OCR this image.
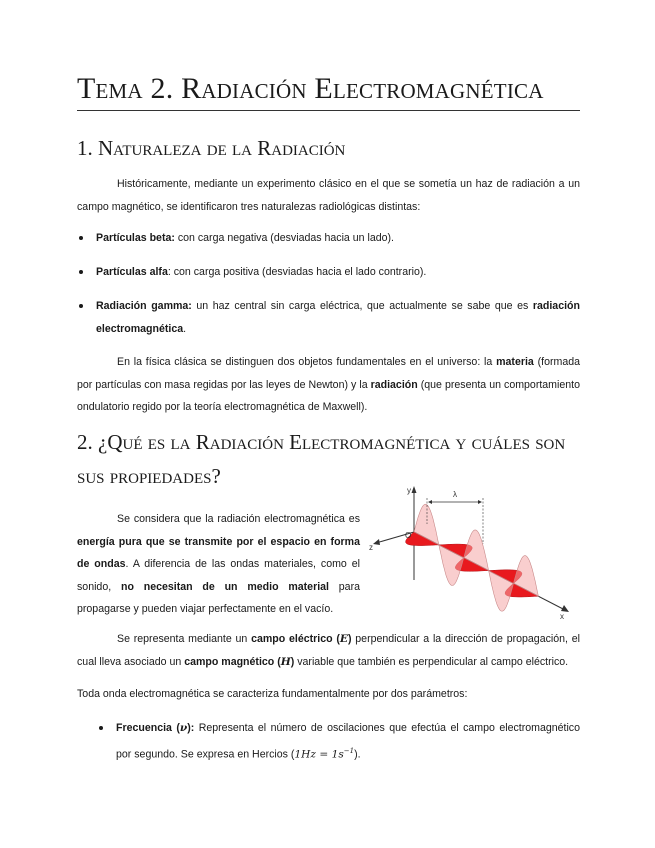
Tema 2. Radiación Electromagnética
1. Naturaleza de la Radiación

Históricamente, mediante un experimento clásico en el que se sometía un haz de radiación a un campo magnético, se identificaron tres naturalezas radiológicas distintas:

Partículas beta: con carga negativa (desviadas hacia un lado).
Partículas alfa: con carga positiva (desviadas hacia el lado contrario).
Radiación gamma: un haz central sin carga eléctrica, que actualmente se sabe que es radiación electromagnética.

En la física clásica se distinguen dos objetos fundamentales en el universo: la materia (formada por partículas con masa regidas por las leyes de Newton) y la radiación (que presenta un comportamiento ondulatorio regido por la teoría electromagnética de Maxwell).

2. ¿Qué es la Radiación Electromagnética y cuáles son
sus propiedades?

Se considera que la radiación electromagnética es energía pura que se transmite por el espacio en forma de ondas. A diferencia de las ondas materiales, como el sonido, no necesitan de un medio material para propagarse y pueden viajar perfectamente en el vacío.

λ
y
O
z
x

Se representa mediante un campo eléctrico (E) perpendicular a la dirección de propagación, el cual lleva asociado un campo magnético (H) variable que también es perpendicular al campo eléctrico.

Toda onda electromagnética se caracteriza fundamentalmente por dos parámetros:

Frecuencia (ν): Representa el número de oscilaciones que efectúa el campo electromagnético por segundo. Se expresa en Hercios $(1Hz = 1s^{-1})$.
